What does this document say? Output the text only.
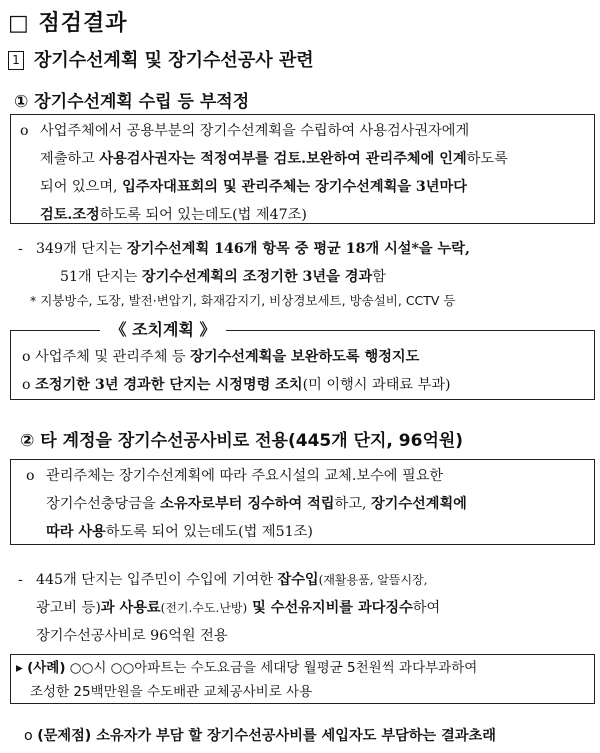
□ 점검결과
1 장기수선계획 및 장기수선공사 관련
① 장기수선계획 수립 등 부적정
o 사업주체에서 공용부분의 장기수선계획을 수립하여 사용검사권자에게
제출하고 사용검사권자는 적정여부를 검토.보완하여 관리주체에 인계하도록
되어 있으며, 입주자대표회의 및 관리주체는 장기수선계획을 3년마다
검토.조정하도록 되어 있는데도(법 제47조)
- 349개 단지는 장기수선계획 146개 항목 중 평균 18개 시설*을 누락,
51개 단지는 장기수선계획의 조정기한 3년을 경과함
* 지붕방수, 도장, 발전·변압기, 화재감지기, 비상경보세트, 방송설비, CCTV 등
《 조치계획 》
o 사업주체 및 관리주체 등 장기수선계획을 보완하도록 행정지도
o 조정기한 3년 경과한 단지는 시정명령 조치(미 이행시 과태료 부과)
② 타 계정을 장기수선공사비로 전용(445개 단지, 96억원)
o 관리주체는 장기수선계획에 따라 주요시설의 교체.보수에 필요한
장기수선충당금을 소유자로부터 징수하여 적립하고, 장기수선계획에
따라 사용하도록 되어 있는데도(법 제51조)
- 445개 단지는 입주민이 수입에 기여한 잡수입(재활용품, 알뜰시장,
광고비 등)과 사용료(전기.수도.난방) 및 수선유지비를 과다징수하여
장기수선공사비로 96억원 전용
▸ (사례) ○○시 ○○아파트는 수도요금을 세대당 월평균 5천원씩 과다부과하여
조성한 25백만원을 수도배관 교체공사비로 사용
o (문제점) 소유자가 부담 할 장기수선공사비를 세입자도 부담하는 결과초래
